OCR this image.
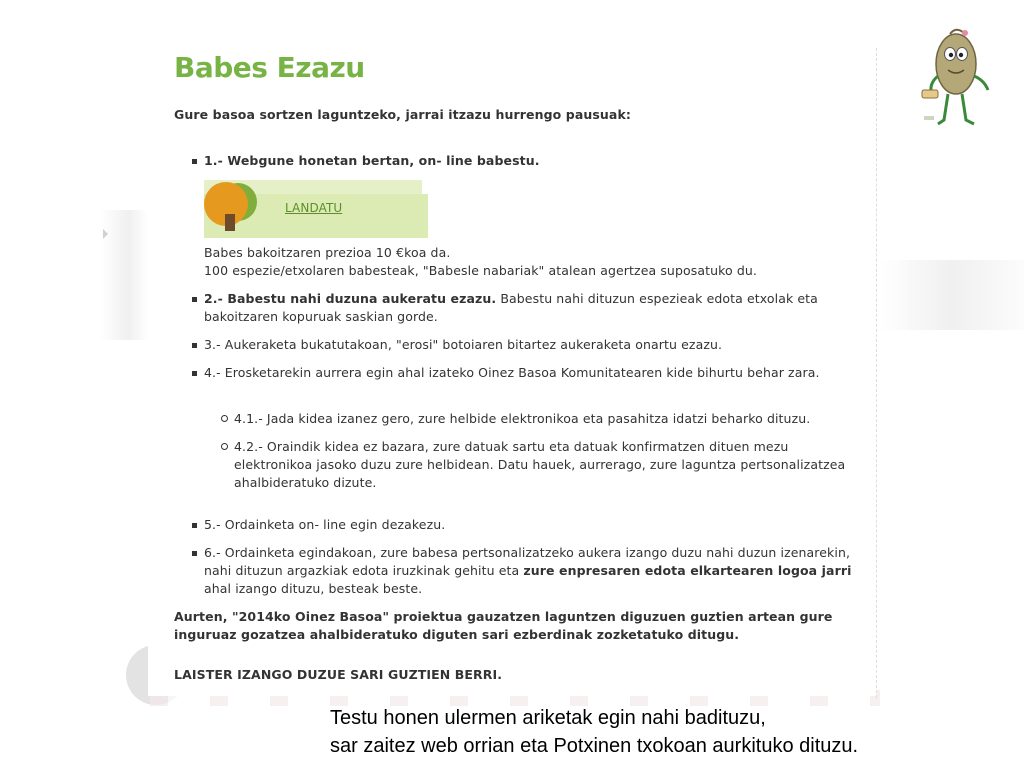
Babes Ezazu

Gure basoa sortzen laguntzeko, jarrai itzazu hurrengo pausuak:

1.- Webgune honetan bertan, on- line babestu.
LANDATU

Babes bakoitzaren prezioa 10 €koa da.

100 espezie/etxolaren babesteak, "Babesle nabariak" atalean agertzea suposatuko du.

2.- Babestu nahi duzuna aukeratu ezazu. Babestu nahi dituzun espezieak edota etxolak eta bakoitzaren kopuruak saskian gorde.
3.- Aukeraketa bukatutakoan, "erosi" botoiaren bitartez aukeraketa onartu ezazu.
4.- Erosketarekin aurrera egin ahal izateko Oinez Basoa Komunitatearen kide bihurtu behar zara.
4.1.- Jada kidea izanez gero, zure helbide elektronikoa eta pasahitza idatzi beharko dituzu.
4.2.- Oraindik kidea ez bazara, zure datuak sartu eta datuak konfirmatzen dituen mezu elektronikoa jasoko duzu zure helbidean. Datu hauek, aurrerago, zure laguntza pertsonalizatzea ahalbideratuko dizute.
5.- Ordainketa on- line egin dezakezu.
6.- Ordainketa egindakoan, zure babesa pertsonalizatzeko aukera izango duzu nahi duzun izenarekin, nahi dituzun argazkiak edota iruzkinak gehitu eta zure enpresaren edota elkartearen logoa jarri ahal izango dituzu, besteak beste.

Aurten, "2014ko Oinez Basoa" proiektua gauzatzen laguntzen diguzuen guztien artean gure inguruaz gozatzea ahalbideratuko diguten sari ezberdinak zozketatuko ditugu.

LAISTER IZANGO DUZUE SARI GUZTIEN BERRI.

Testu honen ulermen ariketak egin nahi badituzu,
sar zaitez web orrian eta Potxinen txokoan aurkituko dituzu.
